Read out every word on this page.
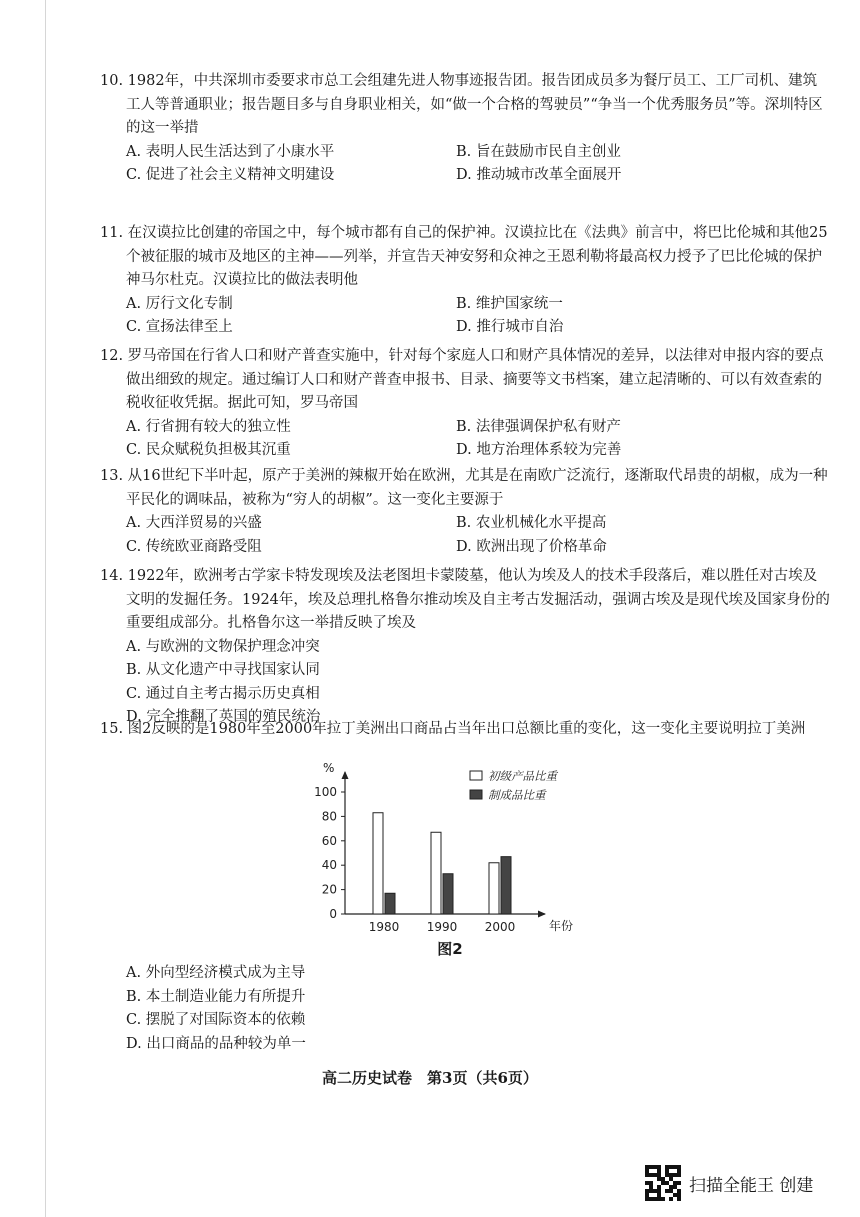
10. 1982年，中共深圳市委要求市总工会组建先进人物事迹报告团。报告团成员多为餐厅员工、工厂司机、建筑工人等普通职业；报告题目多与自身职业相关，如“做一个合格的驾驶员”“争当一个优秀服务员”等。深圳特区的这一举措

A. 表明人民生活达到了小康水平	B. 旨在鼓励市民自主创业
C. 促进了社会主义精神文明建设	D. 推动城市改革全面展开

11. 在汉谟拉比创建的帝国之中，每个城市都有自己的保护神。汉谟拉比在《法典》前言中，将巴比伦城和其他25个被征服的城市及地区的主神——列举，并宣告天神安努和众神之王恩利勒将最高权力授予了巴比伦城的保护神马尔杜克。汉谟拉比的做法表明他

A. 厉行文化专制	B. 维护国家统一
C. 宣扬法律至上	D. 推行城市自治

12. 罗马帝国在行省人口和财产普查实施中，针对每个家庭人口和财产具体情况的差异，以法律对申报内容的要点做出细致的规定。通过编订人口和财产普查申报书、目录、摘要等文书档案，建立起清晰的、可以有效查索的税收征收凭据。据此可知，罗马帝国

A. 行省拥有较大的独立性	B. 法律强调保护私有财产
C. 民众赋税负担极其沉重	D. 地方治理体系较为完善

13. 从16世纪下半叶起，原产于美洲的辣椒开始在欧洲，尤其是在南欧广泛流行，逐渐取代昂贵的胡椒，成为一种平民化的调味品，被称为“穷人的胡椒”。这一变化主要源于

A. 大西洋贸易的兴盛	B. 农业机械化水平提高
C. 传统欧亚商路受阻	D. 欧洲出现了价格革命

14. 1922年，欧洲考古学家卡特发现埃及法老图坦卡蒙陵墓，他认为埃及人的技术手段落后，难以胜任对古埃及文明的发掘任务。1924年，埃及总理扎格鲁尔推动埃及自主考古发掘活动，强调古埃及是现代埃及国家身份的重要组成部分。扎格鲁尔这一举措反映了埃及

A. 与欧洲的文物保护理念冲突
B. 从文化遗产中寻找国家认同
C. 通过自主考古揭示历史真相
D. 完全推翻了英国的殖民统治

15. 图2反映的是1980年至2000年拉丁美洲出口商品占当年出口总额比重的变化，这一变化主要说明拉丁美洲

%
年份
0
20
40
60
80
100
1980 1990 2000
初级产品比重
制成品比重
图2
A. 外向型经济模式成为主导
B. 本土制造业能力有所提升
C. 摆脱了对国际资本的依赖
D. 出口商品的品种较为单一
高二历史试卷　第3页（共6页）
扫描全能王 创建
